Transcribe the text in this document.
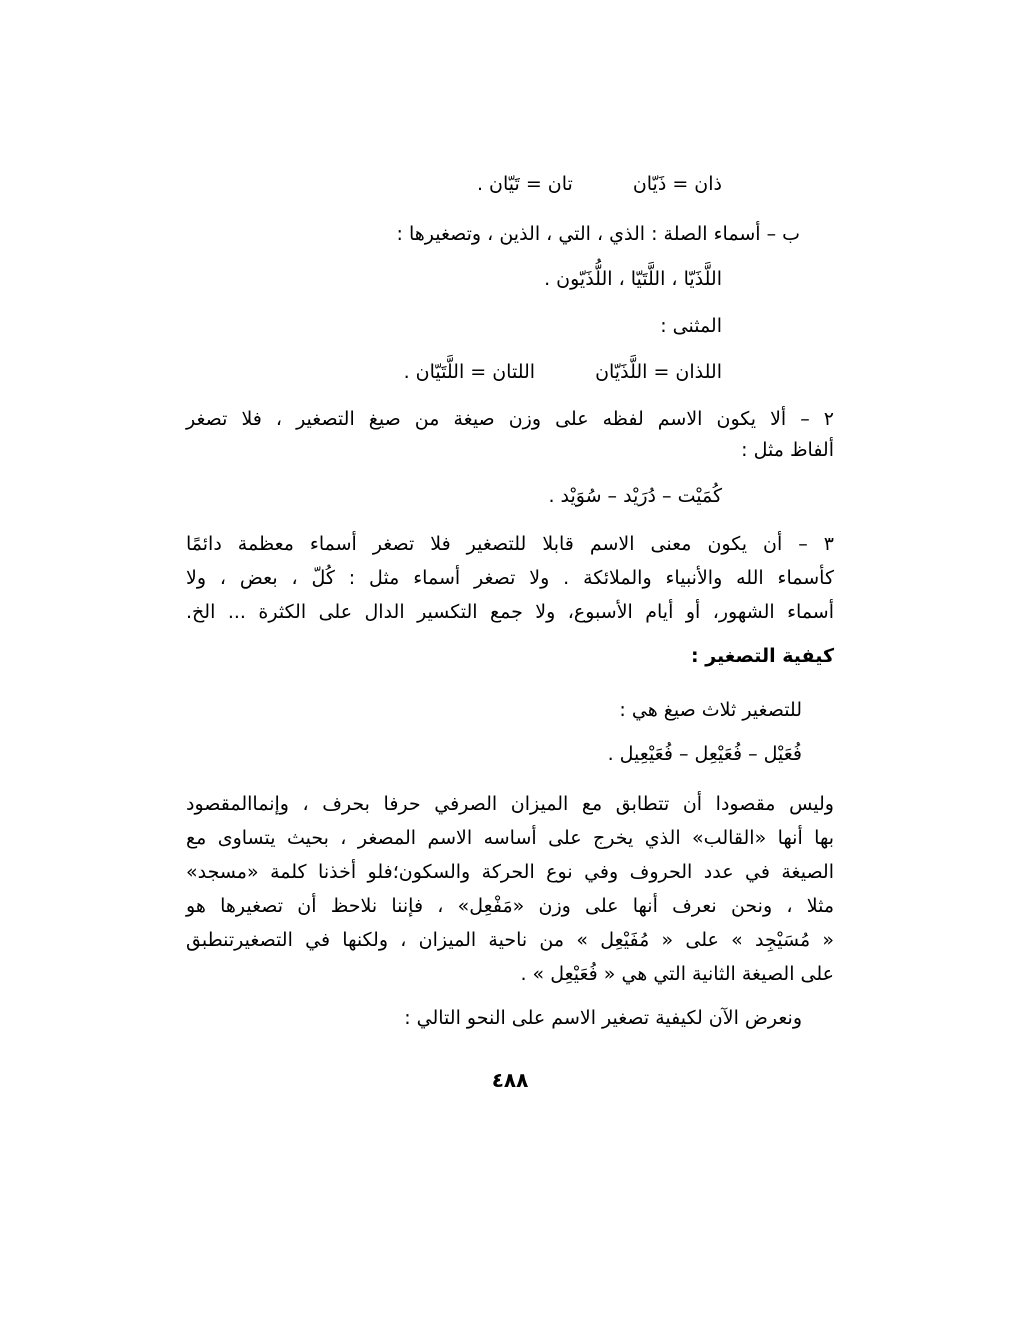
ذان = ذَيّانتان = تَيّان .
ب – أسماء الصلة : الذي ، التي ، الذين ، وتصغيرها :
اللَّذَيّا ، اللَّتَيّا ، اللُّذَيّون .
المثنى :
اللذان = اللَّذَيّاناللتان = اللَّتَيّان .
٢ – ألا يكون الاسم لفظه على وزن صيغة من صيغ التصغير ، فلا تصغر
ألفاظ مثل :
كُمَيْت – دُرَيْد – سُوَيْد .
٣ – أن يكون معنى الاسم قابلا للتصغير فلا تصغر أسماء معظمة دائمًا
كأسماء الله والأنبياء والملائكة . ولا تصغر أسماء مثل : كُلّ ، بعض ، ولا
أسماء الشهور، أو أيام الأسبوع، ولا جمع التكسير الدال على الكثرة ... الخ.
كيفية التصغير :
للتصغير ثلاث صيغ هي :
فُعَيْل – فُعَيْعِل – فُعَيْعِيل .
وليس مقصودا أن تتطابق مع الميزان الصرفي حرفا بحرف ، وإنماالمقصود
بها أنها «القالب» الذي يخرج على أساسه الاسم المصغر ، بحيث يتساوى مع
الصيغة في عدد الحروف وفي نوع الحركة والسكون؛فلو أخذنا كلمة «مسجد»
مثلا ، ونحن نعرف أنها على وزن «مَفْعِل» ، فإننا نلاحظ أن تصغيرها هو
« مُسَيْجِد » على « مُفَيْعِل » من ناحية الميزان ، ولكنها في التصغيرتنطبق
على الصيغة الثانية التي هي « فُعَيْعِل » .
ونعرض الآن لكيفية تصغير الاسم على النحو التالي :
٤٨٨
